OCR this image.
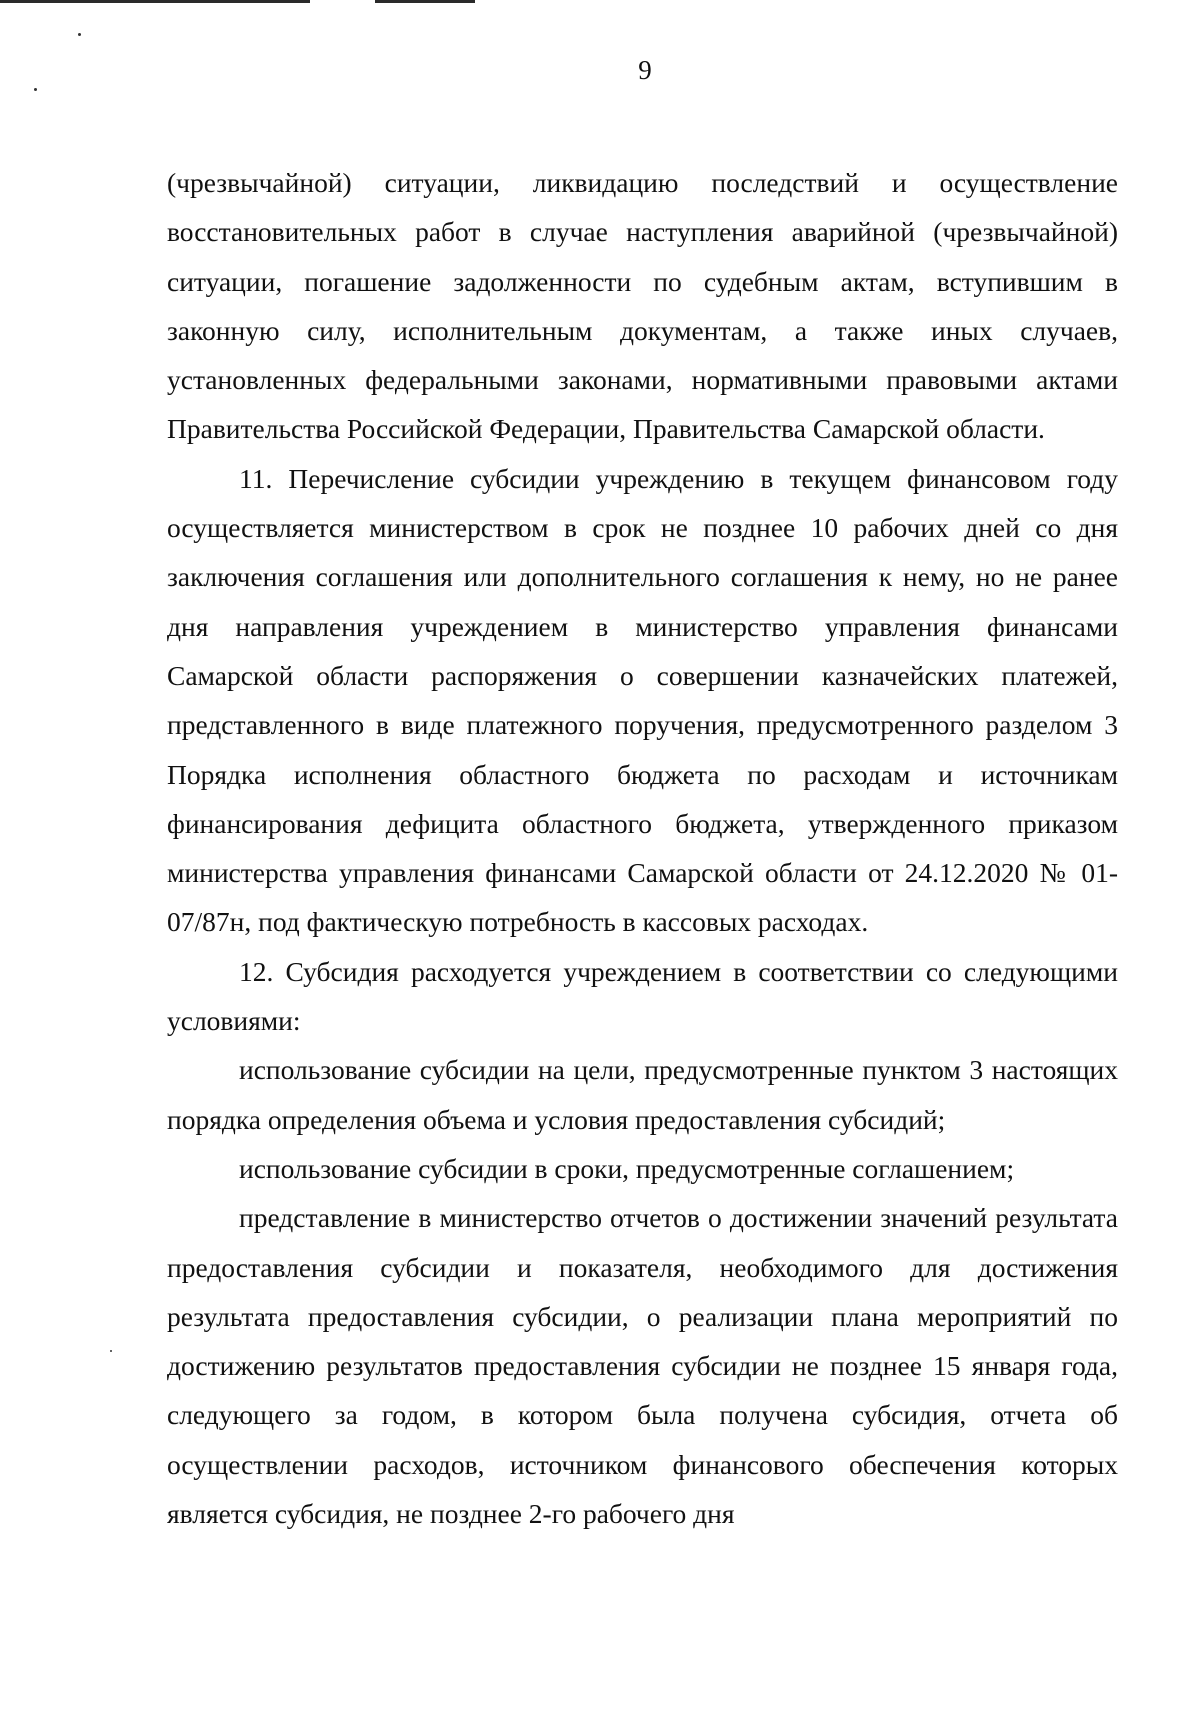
9

(чрезвычайной) ситуации, ликвидацию последствий и осуществление восстановительных работ в случае наступления аварийной (чрезвычайной) ситуации, погашение задолженности по судебным актам, вступившим в законную силу, исполнительным документам, а также иных случаев, установленных федеральными законами, нормативными правовыми актами Правительства Российской Федерации, Правительства Самарской области.

11. Перечисление субсидии учреждению в текущем финансовом году осуществляется министерством в срок не позднее 10 рабочих дней со дня заключения соглашения или дополнительного соглашения к нему, но не ранее дня направления учреждением в министерство управления финансами Самарской области распоряжения о совершении казначейских платежей, представленного в виде платежного поручения, предусмотренного разделом 3 Порядка исполнения областного бюджета по расходам и источникам финансирования дефицита областного бюджета, утвержденного приказом министерства управления финансами Самарской области от 24.12.2020 № 01-07/87н, под фактическую потребность в кассовых расходах.

12. Субсидия расходуется учреждением в соответствии со следующими условиями:

использование субсидии на цели, предусмотренные пунктом 3 настоящих порядка определения объема и условия предоставления субсидий;

использование субсидии в сроки, предусмотренные соглашением;

представление в министерство отчетов о достижении значений результата предоставления субсидии и показателя, необходимого для достижения результата предоставления субсидии, о реализации плана мероприятий по достижению результатов предоставления субсидии не позднее 15 января года, следующего за годом, в котором была получена субсидия, отчета об осуществлении расходов, источником финансового обеспечения которых является субсидия, не позднее 2-го рабочего дня
